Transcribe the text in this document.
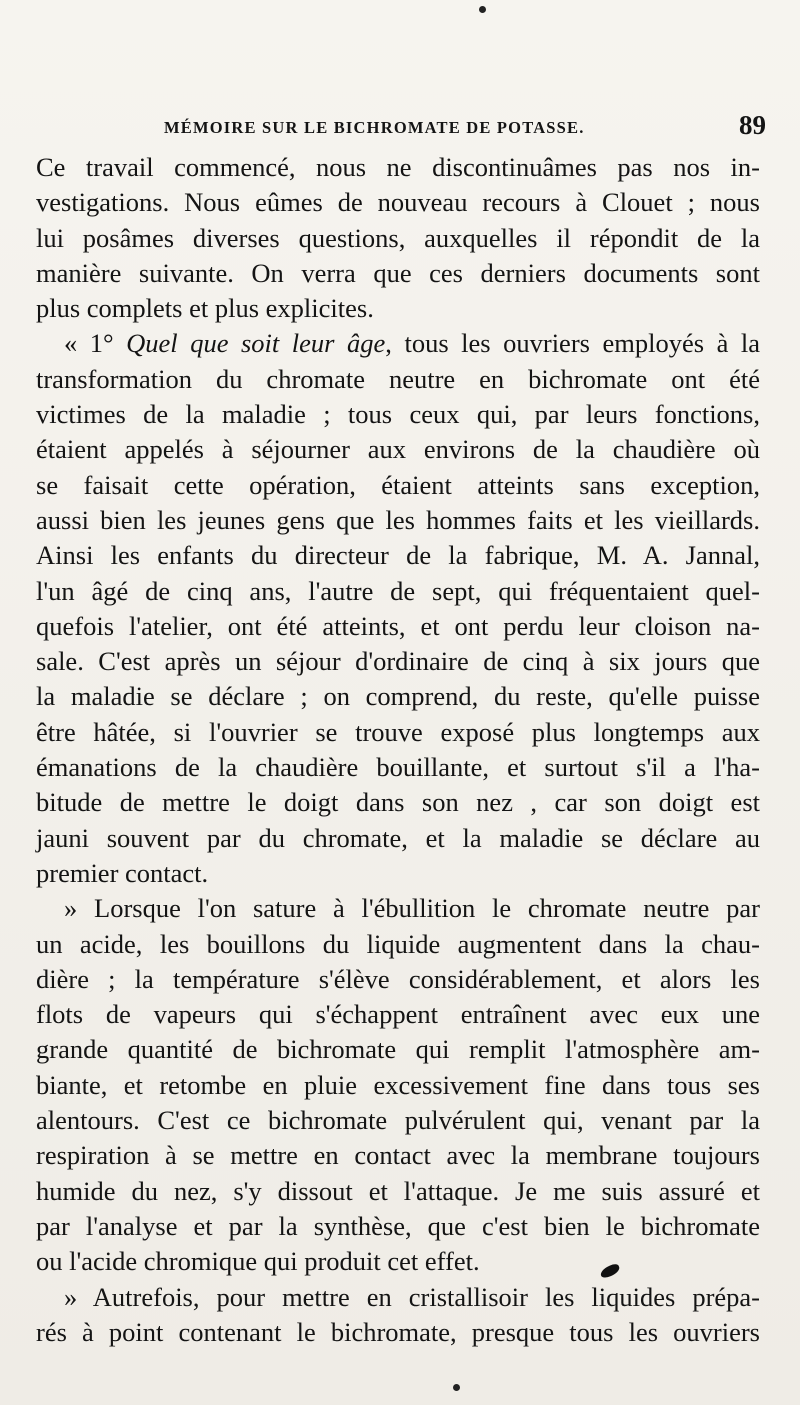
MÉMOIRE SUR LE BICHROMATE DE POTASSE.	89
Ce travail commencé, nous ne discontinuâmes pas nos in-
vestigations. Nous eûmes de nouveau recours à Clouet ; nous
lui posâmes diverses questions, auxquelles il répondit de la
manière suivante. On verra que ces derniers documents sont
plus complets et plus explicites.
« 1° Quel que soit leur âge, tous les ouvriers employés à la
transformation du chromate neutre en bichromate ont été
victimes de la maladie ; tous ceux qui, par leurs fonctions,
étaient appelés à séjourner aux environs de la chaudière où
se faisait cette opération, étaient atteints sans exception,
aussi bien les jeunes gens que les hommes faits et les vieillards.
Ainsi les enfants du directeur de la fabrique, M. A. Jannal,
l'un âgé de cinq ans, l'autre de sept, qui fréquentaient quel-
quefois l'atelier, ont été atteints, et ont perdu leur cloison na-
sale. C'est après un séjour d'ordinaire de cinq à six jours que
la maladie se déclare ; on comprend, du reste, qu'elle puisse
être hâtée, si l'ouvrier se trouve exposé plus longtemps aux
émanations de la chaudière bouillante, et surtout s'il a l'ha-
bitude de mettre le doigt dans son nez , car son doigt est
jauni souvent par du chromate, et la maladie se déclare au
premier contact.
» Lorsque l'on sature à l'ébullition le chromate neutre par
un acide, les bouillons du liquide augmentent dans la chau-
dière ; la température s'élève considérablement, et alors les
flots de vapeurs qui s'échappent entraînent avec eux une
grande quantité de bichromate qui remplit l'atmosphère am-
biante, et retombe en pluie excessivement fine dans tous ses
alentours. C'est ce bichromate pulvérulent qui, venant par la
respiration à se mettre en contact avec la membrane toujours
humide du nez, s'y dissout et l'attaque. Je me suis assuré et
par l'analyse et par la synthèse, que c'est bien le bichromate
ou l'acide chromique qui produit cet effet.
» Autrefois, pour mettre en cristallisoir les liquides prépa-
rés à point contenant le bichromate, presque tous les ouvriers
